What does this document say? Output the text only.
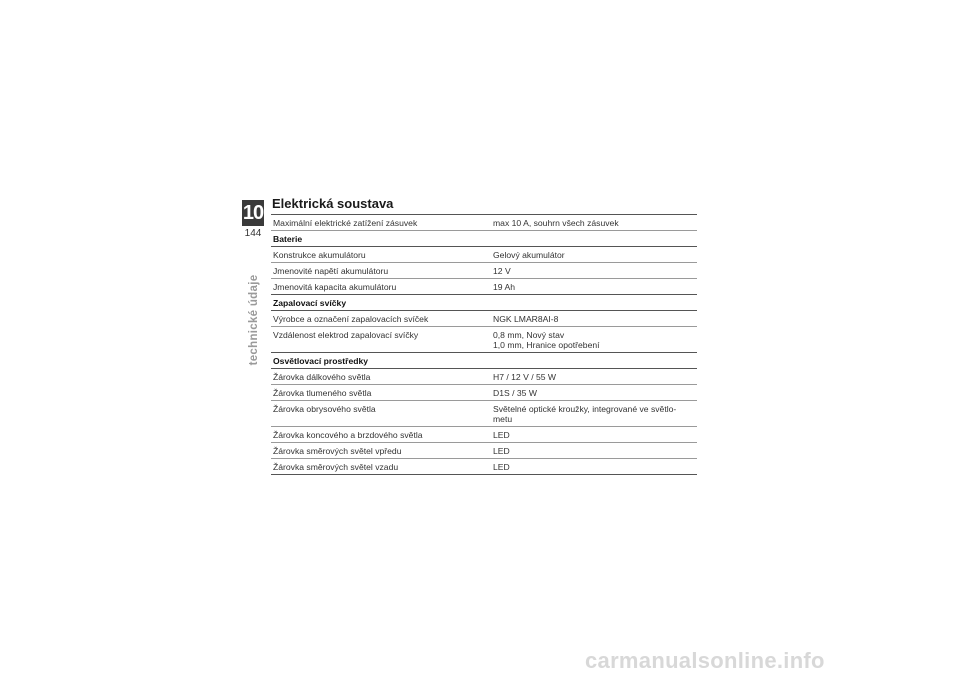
10
144
technické údaje
Elektrická soustava
Maximální elektrické zatížení zásuvek	max 10 A, souhrn všech zásuvek
Baterie	
Konstrukce akumulátoru	Gelový akumulátor
Jmenovité napětí akumulátoru	12 V
Jmenovitá kapacita akumulátoru	19 Ah
Zapalovací svíčky	
Výrobce a označení zapalovacích svíček	NGK LMAR8AI-8
Vzdálenost elektrod zapalovací svíčky	0,8 mm, Nový stav
1,0 mm, Hranice opotřebení

Osvětlovací prostředky	
Žárovka dálkového světla	H7 / 12 V / 55 W
Žárovka tlumeného světla	D1S / 35 W
Žárovka obrysového světla	Světelné optické kroužky, integrované ve světlo-
metu

Žárovka koncového a brzdového světla	LED
Žárovka směrových světel vpředu	LED
Žárovka směrových světel vzadu	LED
carmanualsonline.info
